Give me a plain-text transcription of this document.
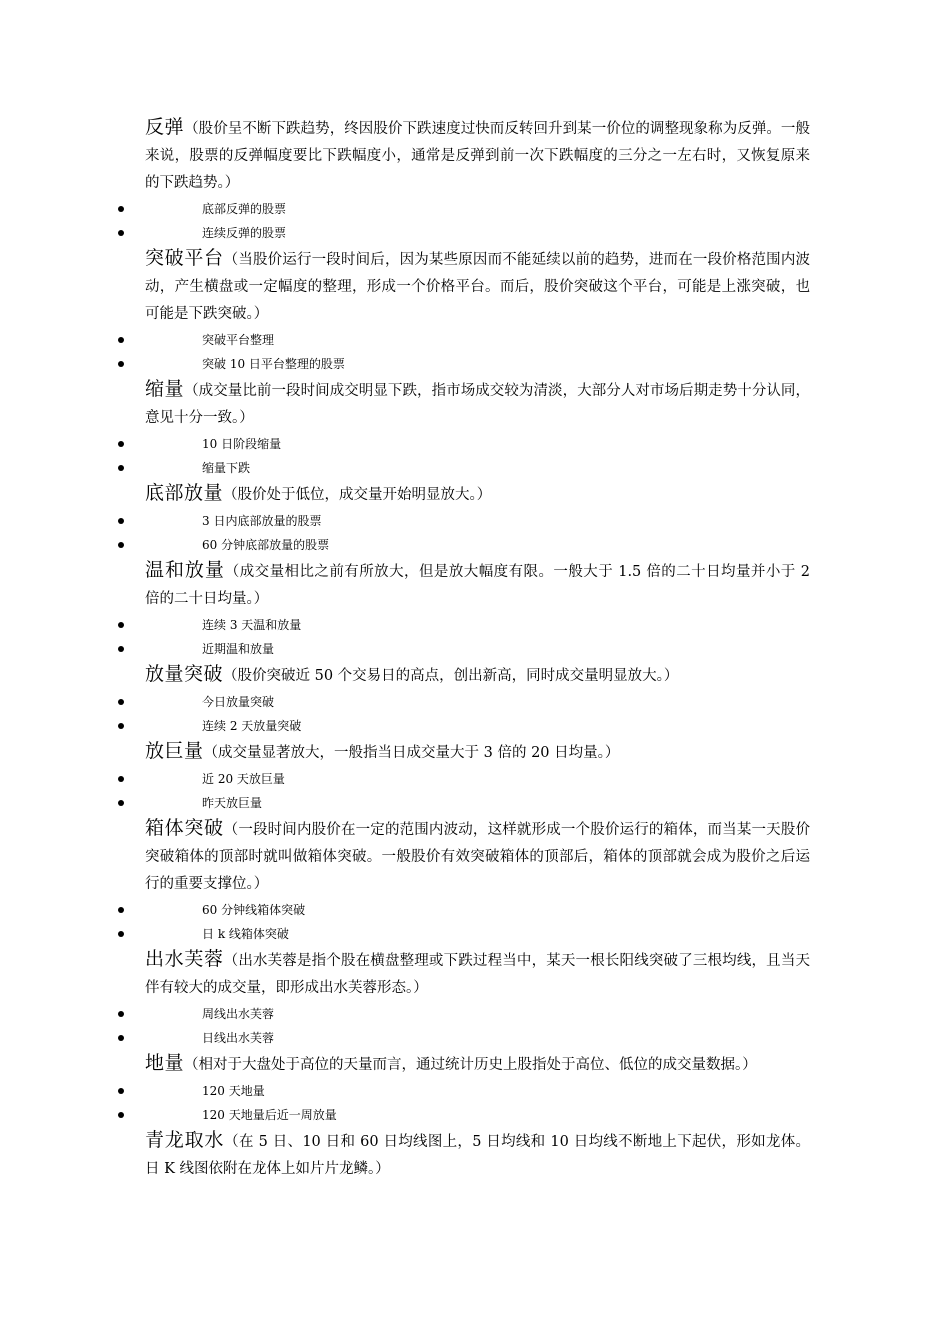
反弹（股价呈不断下跌趋势，终因股价下跌速度过快而反转回升到某一价位的调整现象称为反弹。一般来说，股票的反弹幅度要比下跌幅度小，通常是反弹到前一次下跌幅度的三分之一左右时，又恢复原来的下跌趋势。）

底部反弹的股票
连续反弹的股票

突破平台（当股价运行一段时间后，因为某些原因而不能延续以前的趋势，进而在一段价格范围内波动，产生横盘或一定幅度的整理，形成一个价格平台。而后，股价突破这个平台，可能是上涨突破，也可能是下跌突破。）

突破平台整理
突破 10 日平台整理的股票

缩量（成交量比前一段时间成交明显下跌，指市场成交较为清淡，大部分人对市场后期走势十分认同，意见十分一致。）

10 日阶段缩量
缩量下跌

底部放量（股价处于低位，成交量开始明显放大。）

3 日内底部放量的股票
60 分钟底部放量的股票

温和放量（成交量相比之前有所放大，但是放大幅度有限。一般大于 1.5 倍的二十日均量并小于 2 倍的二十日均量。）

连续 3 天温和放量
近期温和放量

放量突破（股价突破近 50 个交易日的高点，创出新高，同时成交量明显放大。）

今日放量突破
连续 2 天放量突破

放巨量（成交量显著放大，一般指当日成交量大于 3 倍的 20 日均量。）

近 20 天放巨量
昨天放巨量

箱体突破（一段时间内股价在一定的范围内波动，这样就形成一个股价运行的箱体，而当某一天股价突破箱体的顶部时就叫做箱体突破。一般股价有效突破箱体的顶部后，箱体的顶部就会成为股价之后运行的重要支撑位。）

60 分钟线箱体突破
日 k 线箱体突破

出水芙蓉（出水芙蓉是指个股在横盘整理或下跌过程当中，某天一根长阳线突破了三根均线，且当天伴有较大的成交量，即形成出水芙蓉形态。）

周线出水芙蓉
日线出水芙蓉

地量（相对于大盘处于高位的天量而言，通过统计历史上股指处于高位、低位的成交量数据。）

120 天地量
120 天地量后近一周放量

青龙取水（在 5 日、10 日和 60 日均线图上，5 日均线和 10 日均线不断地上下起伏，形如龙体。 日 K 线图依附在龙体上如片片龙鳞。）
